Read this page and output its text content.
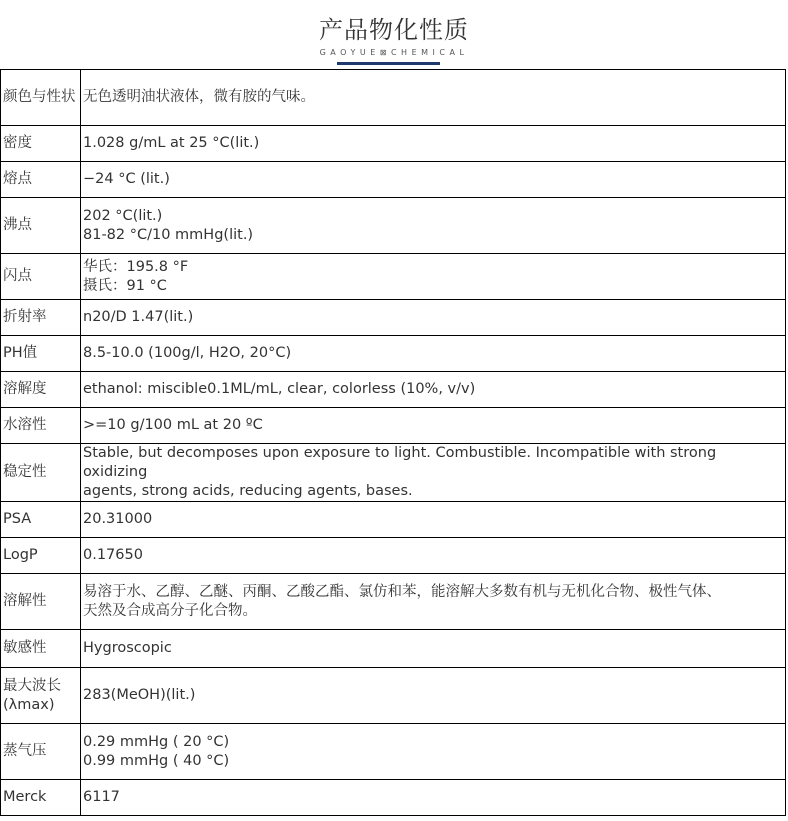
产品物化性质
GAOYUE⊠CHEMICAL
颜色与性状	无色透明油状液体，微有胺的气味。

密度	1.028 g/mL at 25 °C(lit.)

熔点	−24 °C (lit.)

沸点	202 °C(lit.)
81-82 °C/10 mmHg(lit.)

闪点	华氏：195.8 °F
摄氏：91 °C

折射率	n20/D 1.47(lit.)

PH值	8.5-10.0 (100g/l, H2O, 20°C)

溶解度	ethanol: miscible0.1ML/mL, clear, colorless (10%, v/v)

水溶性	>=10 g/100 mL at 20 ºC

稳定性	Stable, but decomposes upon exposure to light. Combustible. Incompatible with strong oxidizing
agents, strong acids, reducing agents, bases.

PSA	20.31000

LogP	0.17650

溶解性	易溶于水、乙醇、乙醚、丙酮、乙酸乙酯、氯仿和苯，能溶解大多数有机与无机化合物、极性气体、
天然及合成高分子化合物。

敏感性	Hygroscopic

最大波长(λmax)	283(MeOH)(lit.)

蒸气压	0.29 mmHg ( 20 °C)
0.99 mmHg ( 40 °C)

Merck	6117
